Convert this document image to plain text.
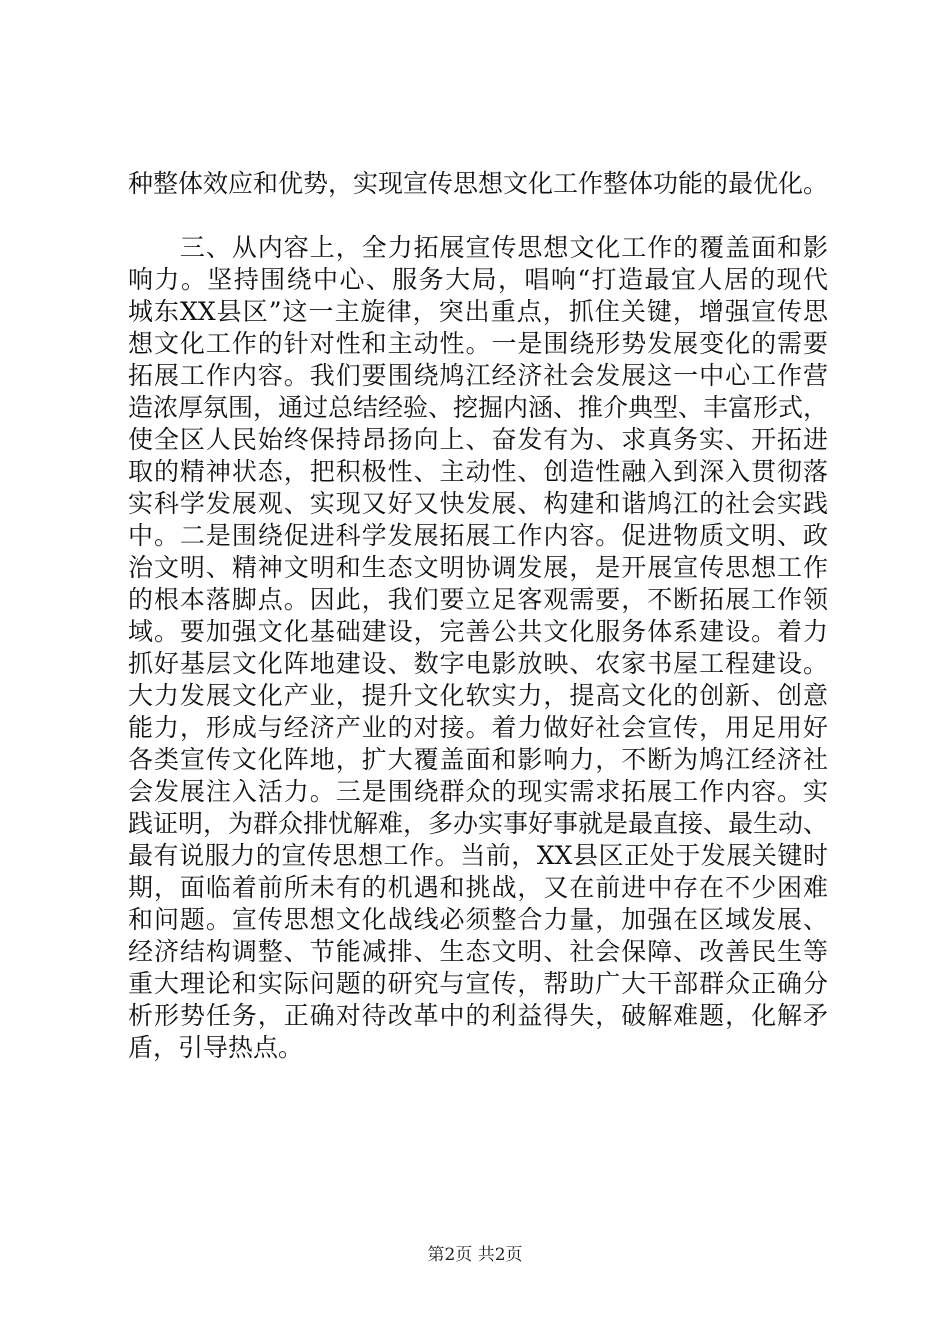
种整体效应和优势，实现宣传思想文化工作整体功能的最优化。
　　三、从内容上，全力拓展宣传思想文化工作的覆盖面和影
响力。坚持围绕中心、服务大局，唱响“打造最宜人居的现代
城东XX县区”这一主旋律，突出重点，抓住关键，增强宣传思
想文化工作的针对性和主动性。一是围绕形势发展变化的需要
拓展工作内容。我们要围绕鸠江经济社会发展这一中心工作营
造浓厚氛围，通过总结经验、挖掘内涵、推介典型、丰富形式，
使全区人民始终保持昂扬向上、奋发有为、求真务实、开拓进
取的精神状态，把积极性、主动性、创造性融入到深入贯彻落
实科学发展观、实现又好又快发展、构建和谐鸠江的社会实践
中。二是围绕促进科学发展拓展工作内容。促进物质文明、政
治文明、精神文明和生态文明协调发展，是开展宣传思想工作
的根本落脚点。因此，我们要立足客观需要，不断拓展工作领
域。要加强文化基础建设，完善公共文化服务体系建设。着力
抓好基层文化阵地建设、数字电影放映、农家书屋工程建设。
大力发展文化产业，提升文化软实力，提高文化的创新、创意
能力，形成与经济产业的对接。着力做好社会宣传，用足用好
各类宣传文化阵地，扩大覆盖面和影响力，不断为鸠江经济社
会发展注入活力。三是围绕群众的现实需求拓展工作内容。实
践证明，为群众排忧解难，多办实事好事就是最直接、最生动、
最有说服力的宣传思想工作。当前，XX县区正处于发展关键时
期，面临着前所未有的机遇和挑战，又在前进中存在不少困难
和问题。宣传思想文化战线必须整合力量，加强在区域发展、
经济结构调整、节能减排、生态文明、社会保障、改善民生等
重大理论和实际问题的研究与宣传，帮助广大干部群众正确分
析形势任务，正确对待改革中的利益得失，破解难题，化解矛
盾，引导热点。
第2页 共2页
